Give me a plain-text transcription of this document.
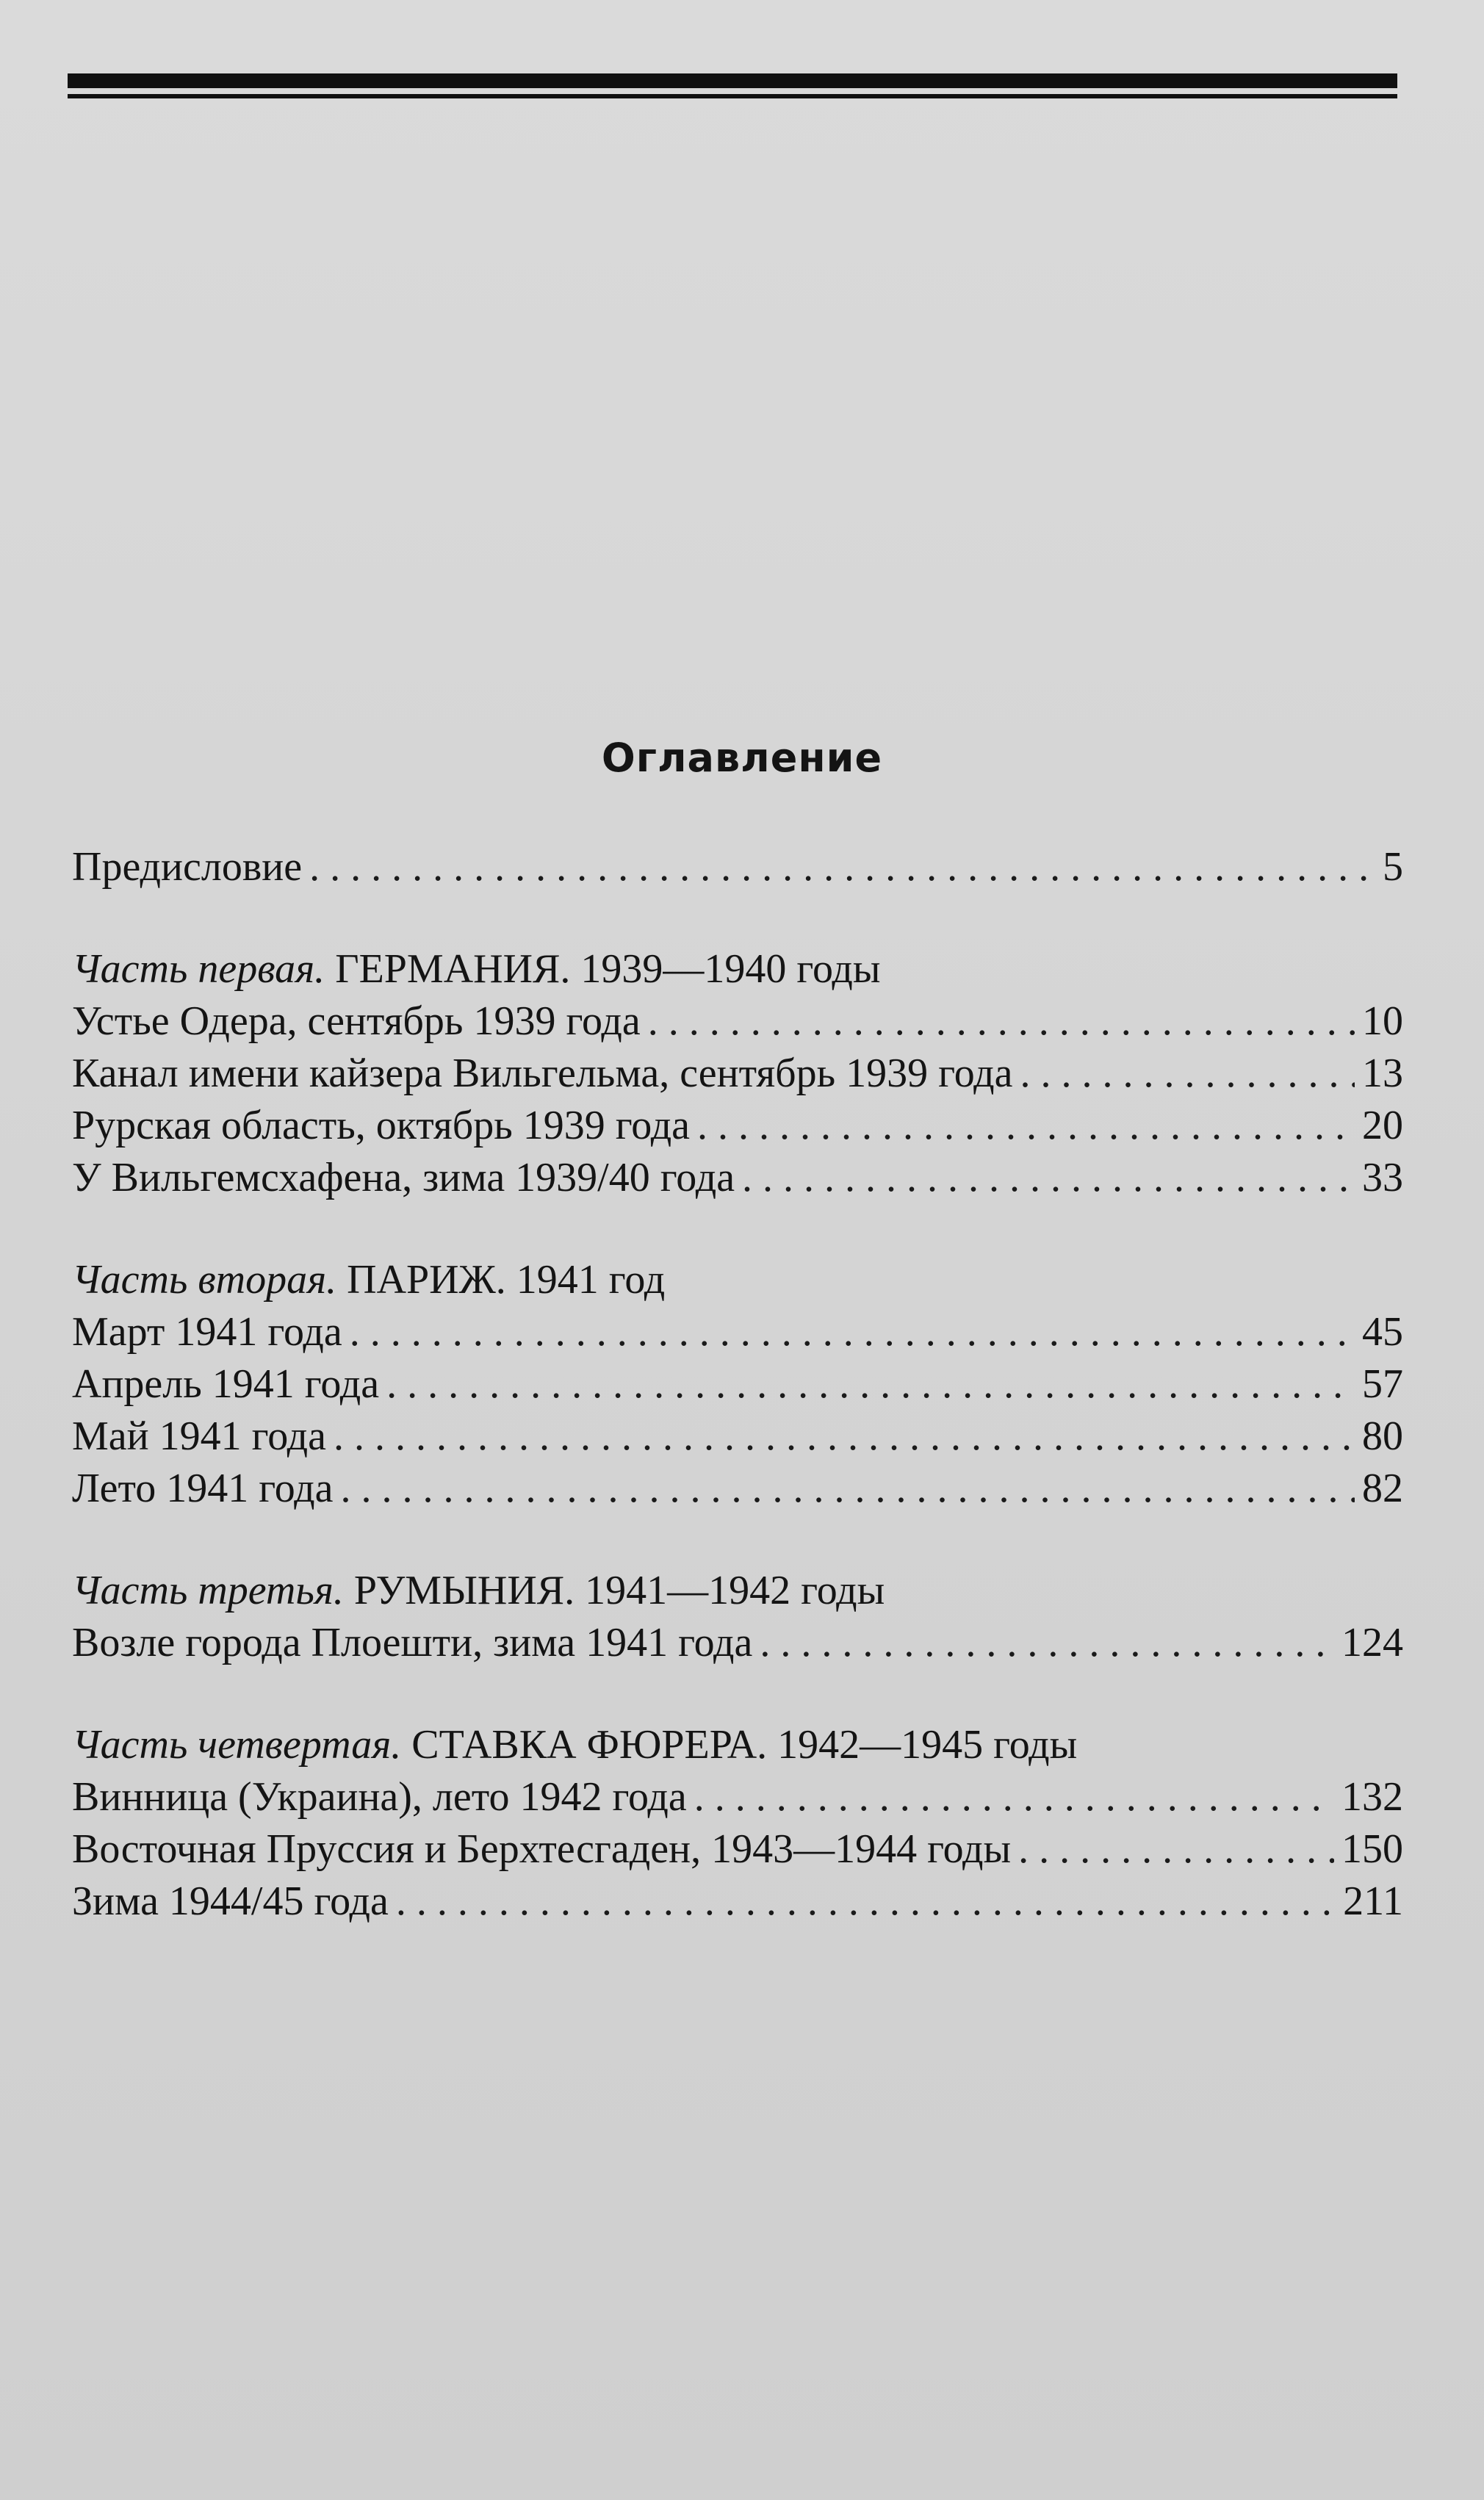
Оглавление
Предисловие . . .	5
Часть первая. ГЕРМАНИЯ. 1939—1940 годы
Устье Одера, сентябрь 1939 года . . .	10
Канал имени кайзера Вильгельма, сентябрь 1939 года . . .	13
Рурская область, октябрь 1939 года . . .	20
У Вильгемсхафена, зима 1939/40 года . . .	33
Часть вторая. ПАРИЖ. 1941 год
Март 1941 года . . .	45
Апрель 1941 года . . .	57
Май 1941 года . . .	80
Лето 1941 года . . .	82
Часть третья. РУМЫНИЯ. 1941—1942 годы
Возле города Плоешти, зима 1941 года . . .	124
Часть четвертая. СТАВКА ФЮРЕРА. 1942—1945 годы
Винница (Украина), лето 1942 года . . .	132
Восточная Пруссия и Берхтесгаден, 1943—1944 годы . . .	150
Зима 1944/45 года . . .	211
